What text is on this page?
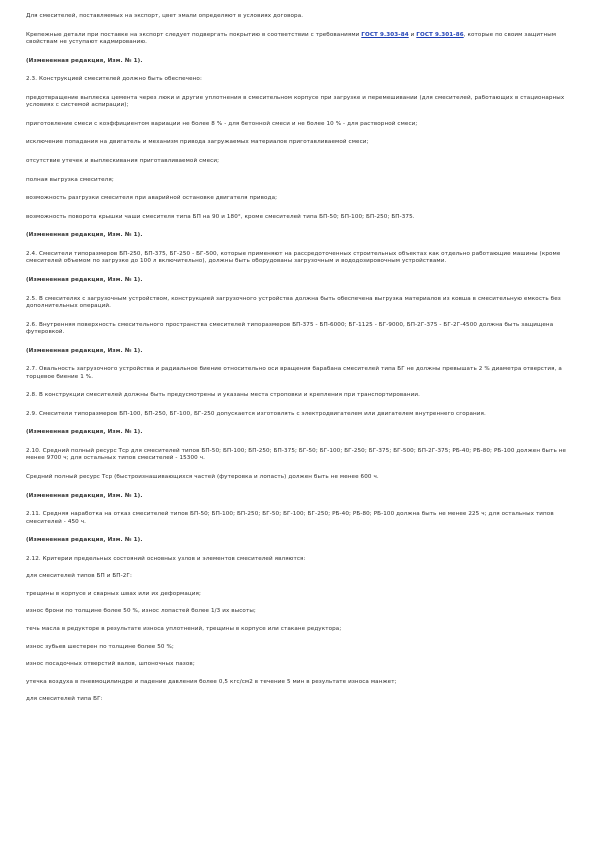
Для смесителей, поставляемых на экспорт, цвет эмали определяют в условиях договора.

Крепежные детали при поставке на экспорт следует подвергать покрытию в соответствии с требованиями ГОСТ 9.303-84 и ГОСТ 9.301-86, которые по своим защитным свойствам не уступают кадмированию.

(Измененная редакция, Изм. № 1).

2.3. Конструкцией смесителей должно быть обеспечено:

предотвращение выплеска цемента через люки и другие уплотнения в смесительном корпусе при загрузке и перемешивании (для смесителей, работающих в стационарных условиях с системой аспирации);

приготовление смеси с коэффициентом вариации не более 8 % - для бетонной смеси и не более 10 % - для растворной смеси;

исключение попадания на двигатель и механизм привода загружаемых материалов приготавливаемой смеси;

отсутствие утечек и выплескивания приготавливаемой смеси;

полная выгрузка смесителя;

возможность разгрузки смесителя при аварийной остановке двигателя привода;

возможность поворота крышки чаши смесителя типа БП на 90 и 180°, кроме смесителей типа БП-50; БП-100; БП-250; БП-375.

(Измененная редакция, Изм. № 1).

2.4. Смесители типоразмеров БП-250, БП-375, БГ-250 - БГ-500, которые применяют на рассредоточенных строительных объектах как отдельно работающие машины (кроме смесителей объемом по загрузке до 100 л включительно), должны быть оборудованы загрузочным и вододозировочным устройствами.

(Измененная редакция, Изм. № 1).

2.5. В смесителях с загрузочным устройством, конструкцией загрузочного устройства должна быть обеспечена выгрузка материалов из ковша в смесительную емкость без дополнительных операций.

2.6. Внутренняя поверхность смесительного пространства смесителей типоразмеров БП-375 - БП-6000; БГ-1125 - БГ-9000, БП-2Г-375 - БГ-2Г-4500 должна быть защищена футеровкой.

(Измененная редакция, Изм. № 1).

2.7. Овальность загрузочного устройства и радиальное биение относительно оси вращения барабана смесителей типа БГ не должны превышать 2 % диаметра отверстия, а торцевое биение 1 %.

2.8. В конструкции смесителей должны быть предусмотрены и указаны места строповки и крепления при транспортировании.

2.9. Смесители типоразмеров БП-100, БП-250, БГ-100, БГ-250 допускается изготовлять с электродвигателем или двигателем внутреннего сгорания.

(Измененная редакция, Изм. № 1).

2.10. Средний полный ресурс Тср для смесителей типов БП-50; БП-100; БП-250; БП-375; БГ-50; БГ-100; БГ-250; БГ-375; БГ-500; БП-2Г-375; РБ-40; РБ-80; РБ-100 должен быть не менее 9700 ч; для остальных типов смесителей - 15300 ч.

Средний полный ресурс Тср (быстроизнашивающихся частей (футеровка и лопасть) должен быть не менее 600 ч.

(Измененная редакция, Изм. № 1).

2.11. Средняя наработка на отказ смесителей типов БП-50; БП-100; БП-250; БГ-50; БГ-100; БГ-250; РБ-40; РБ-80; РБ-100 должна быть не менее 225 ч; для остальных типов смесителей - 450 ч.

(Измененная редакция, Изм. № 1).

2.12. Критерии предельных состояний основных узлов и элементов смесителей являются:

для смесителей типов БП и БП-2Г:

трещины в корпусе и сварных швах или их деформация;

износ брони по толщине более 50 %, износ лопастей более 1/3 их высоты;

течь масла в редукторе в результате износа уплотнений, трещины в корпусе или стакане редуктора;

износ зубьев шестерен по толщине более 50 %;

износ посадочных отверстий валов, шпоночных пазов;

утечка воздуха в пневмоцилиндре и падение давления более 0,5 кгс/см2 в течение 5 мин в результате износа манжет;

для смесителей типа БГ:
